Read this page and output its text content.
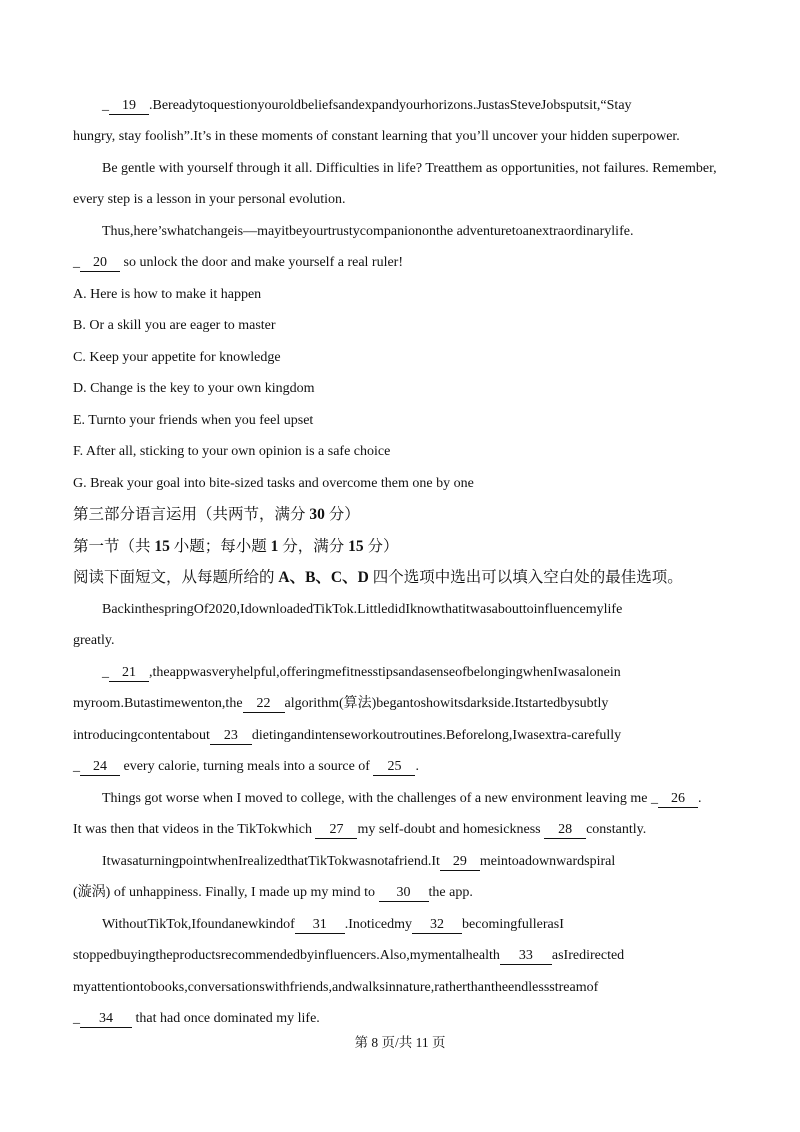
_ 19 .Bereadytoquestionyouroldbeliefsandexpandyourhorizons.JustasSteveJobsputsit,“Stay
hungry, stay foolish”.It’s in these moments of constant learning that you’ll uncover your hidden superpower.
Be gentle with yourself through it all. Difficulties in life? Treatthem as opportunities, not failures. Remember,
every step is a lesson in your personal evolution.
Thus,here’swhatchangeis—mayitbeyourtrustycompaniononthe adventuretoanextraordinarylife.
_ 20 so unlock the door and make yourself a real ruler!
A. Here is how to make it happen
B. Or a skill you are eager to master
C. Keep your appetite for knowledge
D. Change is the key to your own kingdom
E. Turnto your friends when you feel upset
F. After all, sticking to your own opinion is a safe choice
G. Break your goal into bite-sized tasks and overcome them one by one
第三部分语言运用（共两节，满分 30 分）
第一节（共 15 小题；每小题 1 分，满分 15 分）
阅读下面短文，从每题所给的 A、B、C、D 四个选项中选出可以填入空白处的最佳选项。
BackinthespringOf2020,IdownloadedTikTok.LittledidIknowthatitwasabouttoinfluencemylife
greatly.
_ 21 ,theappwasveryhelpful,offeringmefitnesstipsandasenseofbelongingwhenIwasalonein
myroom.Butastimewenton,the 22 algorithm(算法)begantoshowitsdarkside.Itstartedbysubtly
introducingcontentabout 23 dietingandintenseworkoutroutines.Beforelong,Iwasextra-carefully
_ 24 every calorie, turning meals into a source of 25 .
Things got worse when I moved to college, with the challenges of a new environment leaving me _ 26 .
It was then that videos in the TikTokwhich 27 my self-doubt and homesickness 28 constantly.
ItwasaturningpointwhenIrealizedthatTikTokwasnotafriend.It 29 meintoadownwardspiral
(漩涡) of unhappiness. Finally, I made up my mind to 30 the app.
WithoutTikTok,Ifoundanewkindof 31 .Inoticedmy 32 becomingfullerasI
stoppedbuyingtheproductsrecommendedbyinfluencers.Also,mymentalhealth 33 asIredirected
myattentiontobooks,conversationswithfriends,andwalksinnature,ratherthantheendlessstreamof
_ 34 that had once dominated my life.
第 8 页/共 11 页
